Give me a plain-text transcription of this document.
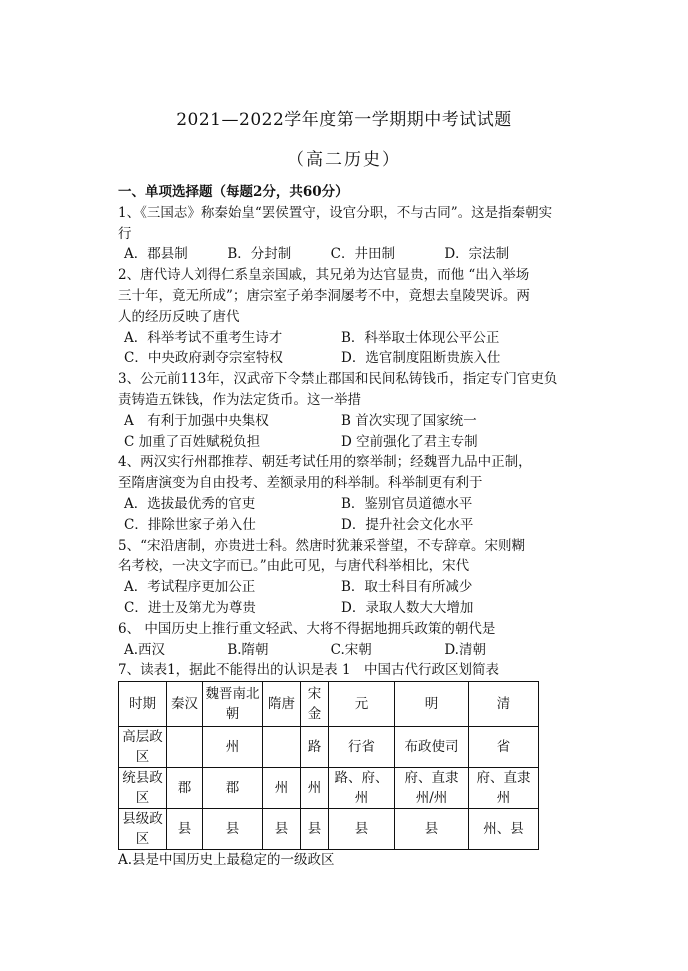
2021—2022学年度第一学期期中考试试题
（高二历史）
一、单项选择题（每题2分，共60分）
1、《三国志》称秦始皇“罢侯置守，设官分职，不与古同”。这是指秦朝实
行
A．郡县制	B．分封制	C．井田制	D．宗法制
2、唐代诗人刘得仁系皇亲国戚，其兄弟为达官显贵，而他 “出入举场
三十年，竟无所成”；唐宗室子弟李洞屡考不中，竟想去皇陵哭诉。两
人的经历反映了唐代
A．科举考试不重考生诗才	B．科举取士体现公平公正
C．中央政府剥夺宗室特权	D．选官制度阻断贵族入仕
3、公元前113年，汉武帝下令禁止郡国和民间私铸钱币，指定专门官吏负
责铸造五铢钱，作为法定货币。这一举措
A　有利于加强中央集权	B 首次实现了国家统一
C 加重了百姓赋税负担	D 空前强化了君主专制
4、两汉实行州郡推荐、朝廷考试任用的察举制；经魏晋九品中正制，
至隋唐演变为自由投考、差额录用的科举制。科举制更有利于
A．选拔最优秀的官吏	B．鉴别官员道德水平
C．排除世家子弟入仕	D．提升社会文化水平
5、“宋沿唐制，亦贵进士科。然唐时犹兼采誉望，不专辞章。宋则糊
名考校，一决文字而已。”由此可见，与唐代科举相比，宋代
A．考试程序更加公正	B．取士科目有所减少
C．进士及第尤为尊贵	D．录取人数大大增加
6、 中国历史上推行重文轻武、大将不得据地拥兵政策的朝代是
A.西汉	B.隋朝	C.宋朝	D.清朝
7、读表1，据此不能得出的认识是表 1　中国古代行政区划简表
时期	秦汉	魏晋南北朝	隋唐	宋金	元	明	清
高层政区		州		路	行省	布政使司	省
统县政区	郡	郡	州	州	路、府、州	府、直隶州/州	府、直隶州
县级政区	县	县	县	县	县	县	州、县
A.县是中国历史上最稳定的一级政区
